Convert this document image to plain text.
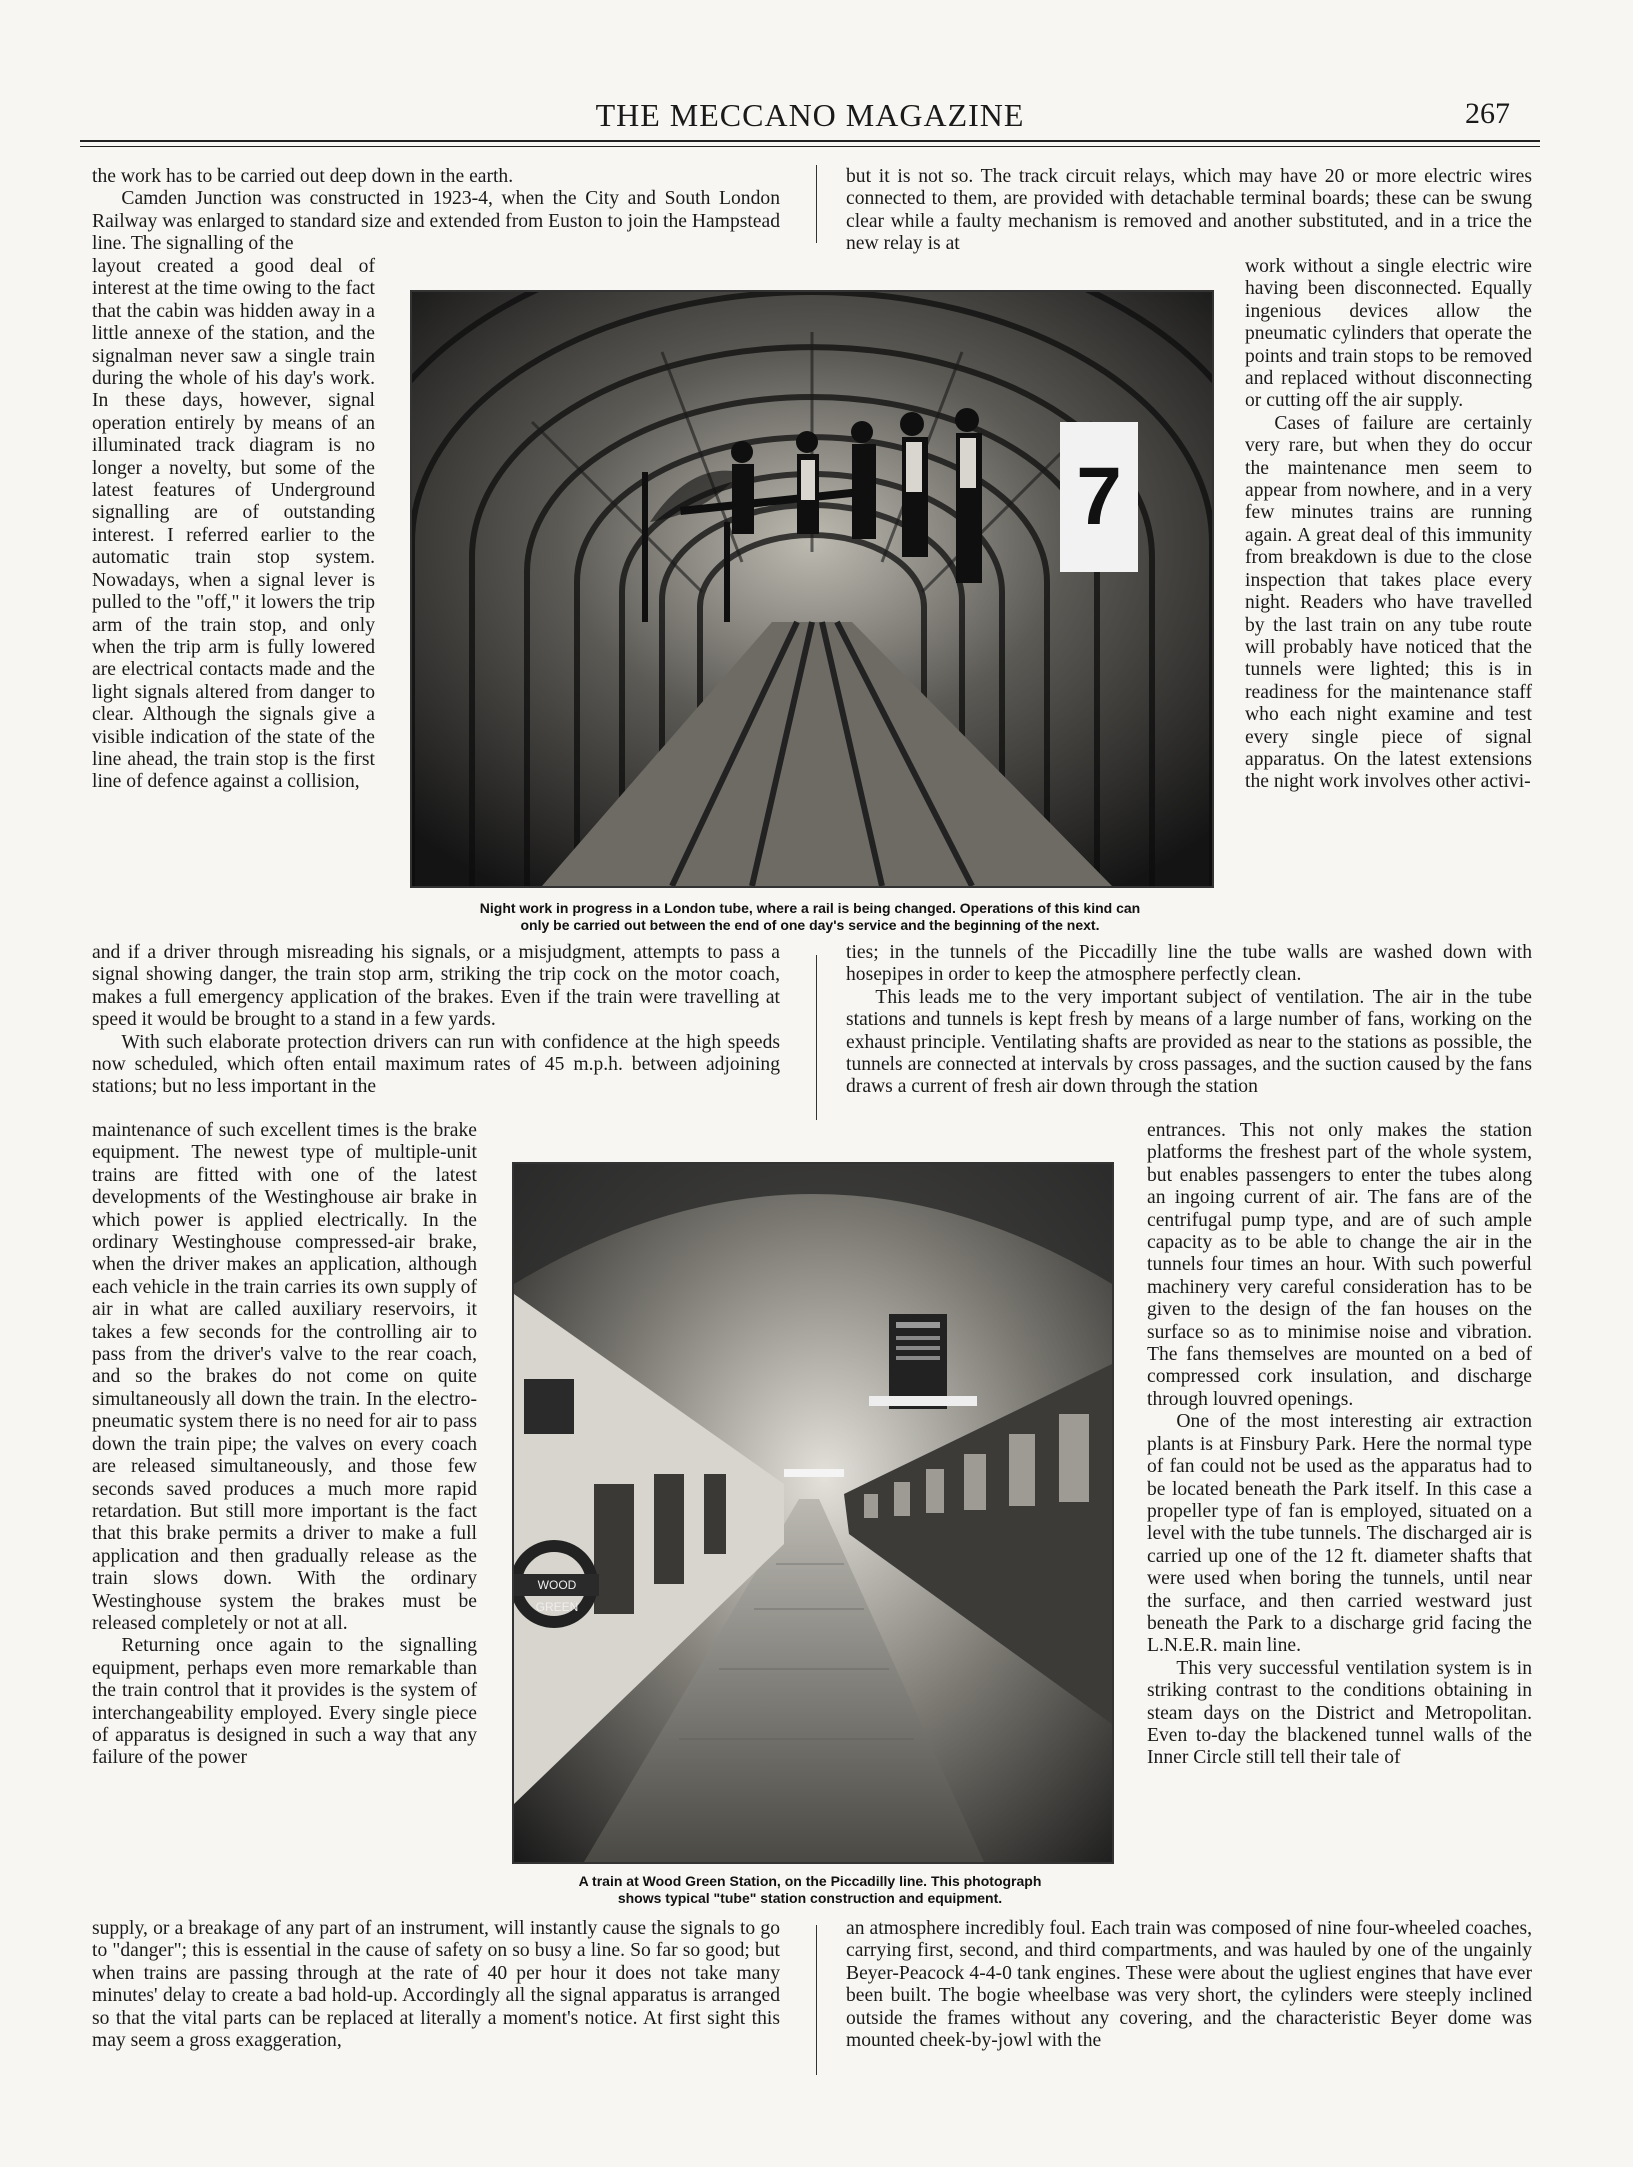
THE MECCANO MAGAZINE	267

the work has to be carried out deep down in the earth.

Camden Junction was constructed in 1923-4, when the City and South London Railway was enlarged to standard size and extended from Euston to join the Hampstead line. The signalling of the

but it is not so. The track circuit relays, which may have 20 or more electric wires connected to them, are provided with detachable terminal boards; these can be swung clear while a faulty mechanism is removed and another substituted, and in a trice the new relay is at

layout created a good deal of interest at the time owing to the fact that the cabin was hidden away in a little annexe of the station, and the signalman never saw a single train during the whole of his day's work. In these days, however, signal operation entirely by means of an illuminated track diagram is no longer a novelty, but some of the latest features of Underground signalling are of outstanding interest. I referred earlier to the automatic train stop system. Nowadays, when a signal lever is pulled to the "off," it lowers the trip arm of the train stop, and only when the trip arm is fully lowered are electrical contacts made and the light signals altered from danger to clear. Although the signals give a visible indication of the state of the line ahead, the train stop is the first line of defence against a collision,

work without a single electric wire having been disconnected. Equally ingenious devices allow the pneumatic cylinders that operate the points and train stops to be removed and replaced without disconnecting or cutting off the air supply.

Cases of failure are certainly very rare, but when they do occur the maintenance men seem to appear from nowhere, and in a very few minutes trains are running again. A great deal of this immunity from breakdown is due to the close inspection that takes place every night. Readers who have travelled by the last train on any tube route will probably have noticed that the tunnels were lighted; this is in readiness for the maintenance staff who each night examine and test every single piece of signal apparatus. On the latest extensions the night work involves other activi-

7
Night work in progress in a London tube, where a rail is being changed. Operations of this kind can
only be carried out between the end of one day's service and the beginning of the next.

and if a driver through misreading his signals, or a misjudgment, attempts to pass a signal showing danger, the train stop arm, striking the trip cock on the motor coach, makes a full emergency application of the brakes. Even if the train were travelling at speed it would be brought to a stand in a few yards.

With such elaborate protection drivers can run with confidence at the high speeds now scheduled, which often entail maximum rates of 45 m.p.h. between adjoining stations; but no less important in the

ties; in the tunnels of the Piccadilly line the tube walls are washed down with hosepipes in order to keep the atmosphere perfectly clean.

This leads me to the very important subject of ventilation. The air in the tube stations and tunnels is kept fresh by means of a large number of fans, working on the exhaust principle. Ventilating shafts are provided as near to the stations as possible, the tunnels are connected at intervals by cross passages, and the suction caused by the fans draws a current of fresh air down through the station

maintenance of such excellent times is the brake equipment. The newest type of multiple-unit trains are fitted with one of the latest developments of the Westinghouse air brake in which power is applied electrically. In the ordinary Westinghouse compressed-air brake, when the driver makes an application, although each vehicle in the train carries its own supply of air in what are called auxiliary reservoirs, it takes a few seconds for the controlling air to pass from the driver's valve to the rear coach, and so the brakes do not come on quite simultaneously all down the train. In the electro-pneumatic system there is no need for air to pass down the train pipe; the valves on every coach are released simultaneously, and those few seconds saved produces a much more rapid retardation. But still more important is the fact that this brake permits a driver to make a full application and then gradually release as the train slows down. With the ordinary Westinghouse system the brakes must be released completely or not at all.

Returning once again to the signalling equipment, perhaps even more remarkable than the train control that it provides is the system of interchangeability employed. Every single piece of apparatus is designed in such a way that any failure of the power

entrances. This not only makes the station platforms the freshest part of the whole system, but enables passengers to enter the tubes along an ingoing current of air. The fans are of the centrifugal pump type, and are of such ample capacity as to be able to change the air in the tunnels four times an hour. With such powerful machinery very careful consideration has to be given to the design of the fan houses on the surface so as to minimise noise and vibration. The fans themselves are mounted on a bed of compressed cork insulation, and discharge through louvred openings.

One of the most interesting air extraction plants is at Finsbury Park. Here the normal type of fan could not be used as the apparatus had to be located beneath the Park itself. In this case a propeller type of fan is employed, situated on a level with the tube tunnels. The discharged air is carried up one of the 12 ft. diameter shafts that were used when boring the tunnels, until near the surface, and then carried westward just beneath the Park to a discharge grid facing the L.N.E.R. main line.

This very successful ventilation system is in striking contrast to the conditions obtaining in steam days on the District and Metropolitan. Even to-day the blackened tunnel walls of the Inner Circle still tell their tale of

WOOD GREEN
A train at Wood Green Station, on the Piccadilly line. This photograph
shows typical "tube" station construction and equipment.

supply, or a breakage of any part of an instrument, will instantly cause the signals to go to "danger"; this is essential in the cause of safety on so busy a line. So far so good; but when trains are passing through at the rate of 40 per hour it does not take many minutes' delay to create a bad hold-up. Accordingly all the signal apparatus is arranged so that the vital parts can be replaced at literally a moment's notice. At first sight this may seem a gross exaggeration,

an atmosphere incredibly foul. Each train was composed of nine four-wheeled coaches, carrying first, second, and third compartments, and was hauled by one of the ungainly Beyer-Peacock 4-4-0 tank engines. These were about the ugliest engines that have ever been built. The bogie wheelbase was very short, the cylinders were steeply inclined outside the frames without any covering, and the characteristic Beyer dome was mounted cheek-by-jowl with the
